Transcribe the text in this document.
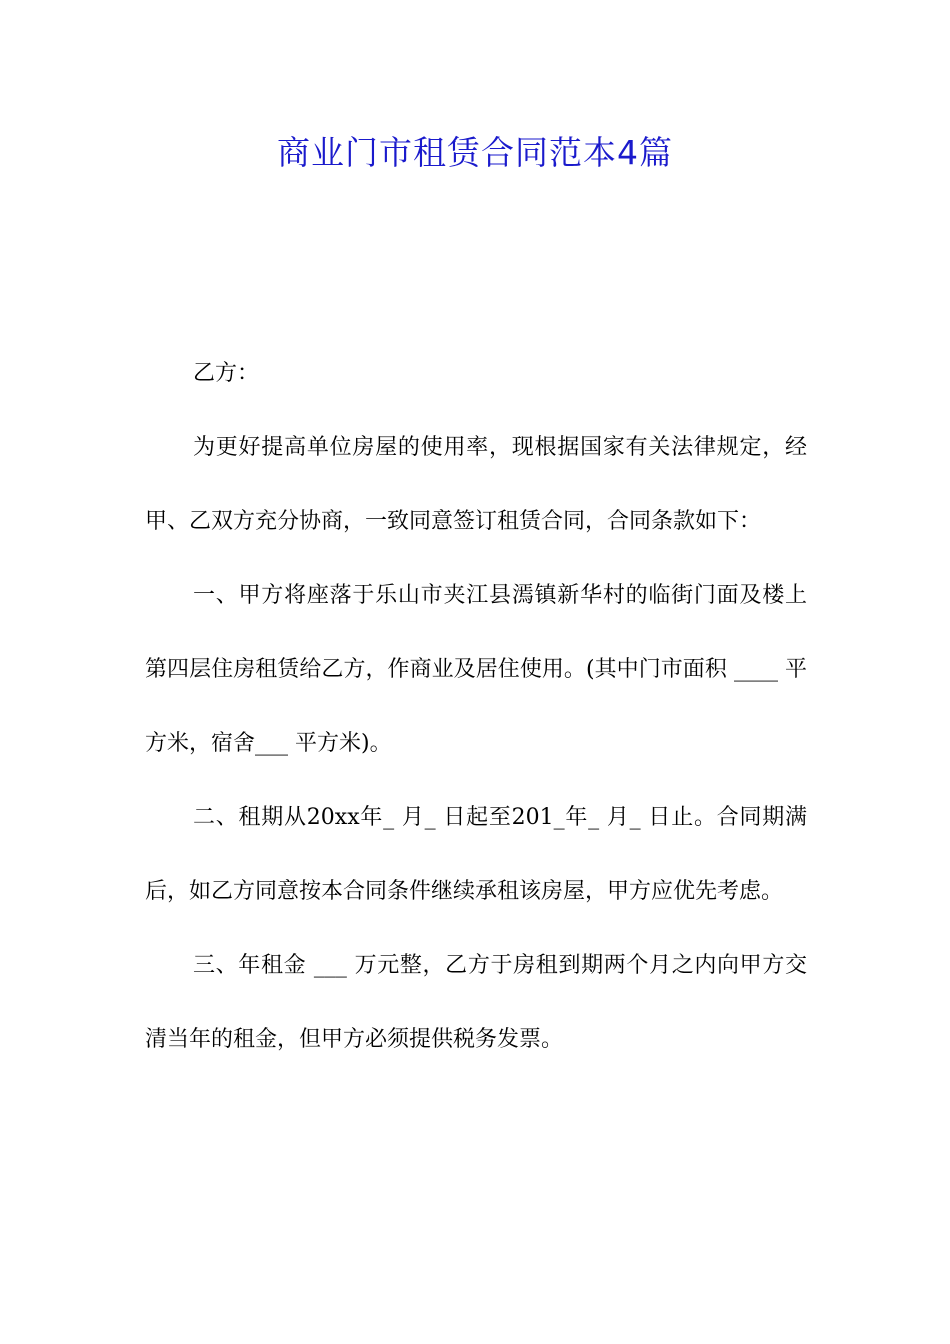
商业门市租赁合同范本4篇

乙方：

为更好提高单位房屋的使用率，现根据国家有关法律规定，经甲、乙双方充分协商，一致同意签订租赁合同，合同条款如下：

一、甲方将座落于乐山市夹江县漹镇新华村的临街门面及楼上第四层住房租赁给乙方，作商业及居住使用。(其中门市面积 ____ 平方米，宿舍___ 平方米)。

二、租期从20xx年_ 月_ 日起至201_年_ 月_ 日止。合同期满后，如乙方同意按本合同条件继续承租该房屋，甲方应优先考虑。

三、年租金 ___ 万元整，乙方于房租到期两个月之内向甲方交清当年的租金，但甲方必须提供税务发票。
